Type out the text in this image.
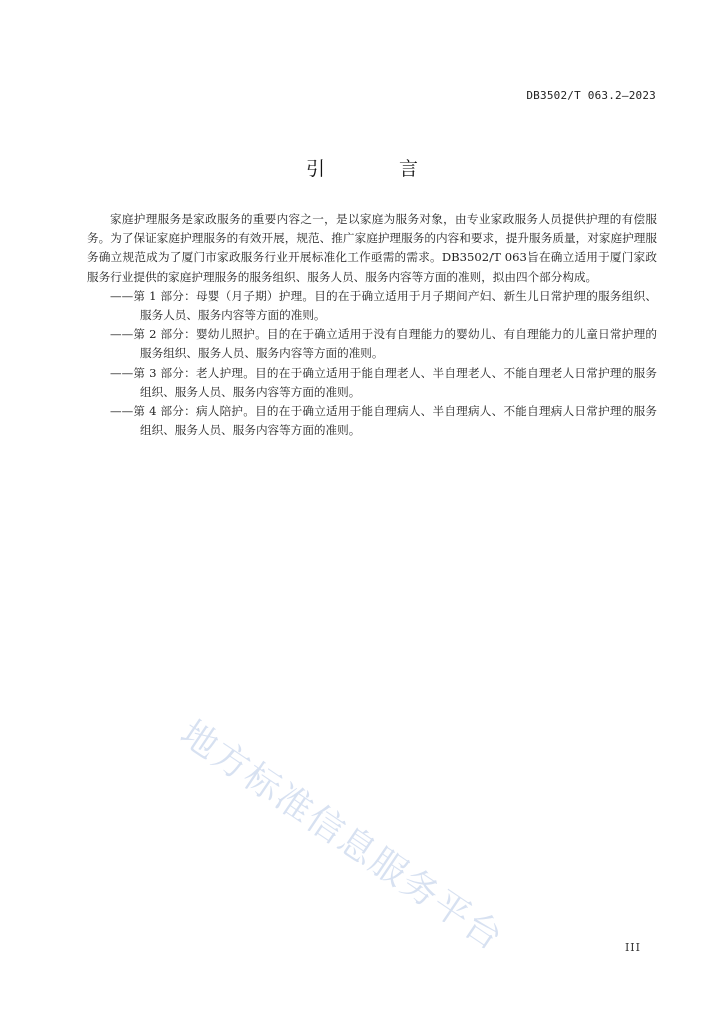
DB3502/T 063.2—2023
引 言

家庭护理服务是家政服务的重要内容之一，是以家庭为服务对象，由专业家政服务人员提供护理的有偿服务。为了保证家庭护理服务的有效开展，规范、推广家庭护理服务的内容和要求，提升服务质量，对家庭护理服务确立规范成为了厦门市家政服务行业开展标准化工作亟需的需求。DB3502/T 063旨在确立适用于厦门家政服务行业提供的家庭护理服务的服务组织、服务人员、服务内容等方面的准则，拟由四个部分构成。

——第 1 部分：母婴（月子期）护理。目的在于确立适用于月子期间产妇、新生儿日常护理的服务组织、服务人员、服务内容等方面的准则。

——第 2 部分：婴幼儿照护。目的在于确立适用于没有自理能力的婴幼儿、有自理能力的儿童日常护理的服务组织、服务人员、服务内容等方面的准则。

——第 3 部分：老人护理。目的在于确立适用于能自理老人、半自理老人、不能自理老人日常护理的服务组织、服务人员、服务内容等方面的准则。

——第 4 部分：病人陪护。目的在于确立适用于能自理病人、半自理病人、不能自理病人日常护理的服务组织、服务人员、服务内容等方面的准则。

地方标准信息服务平台	III
